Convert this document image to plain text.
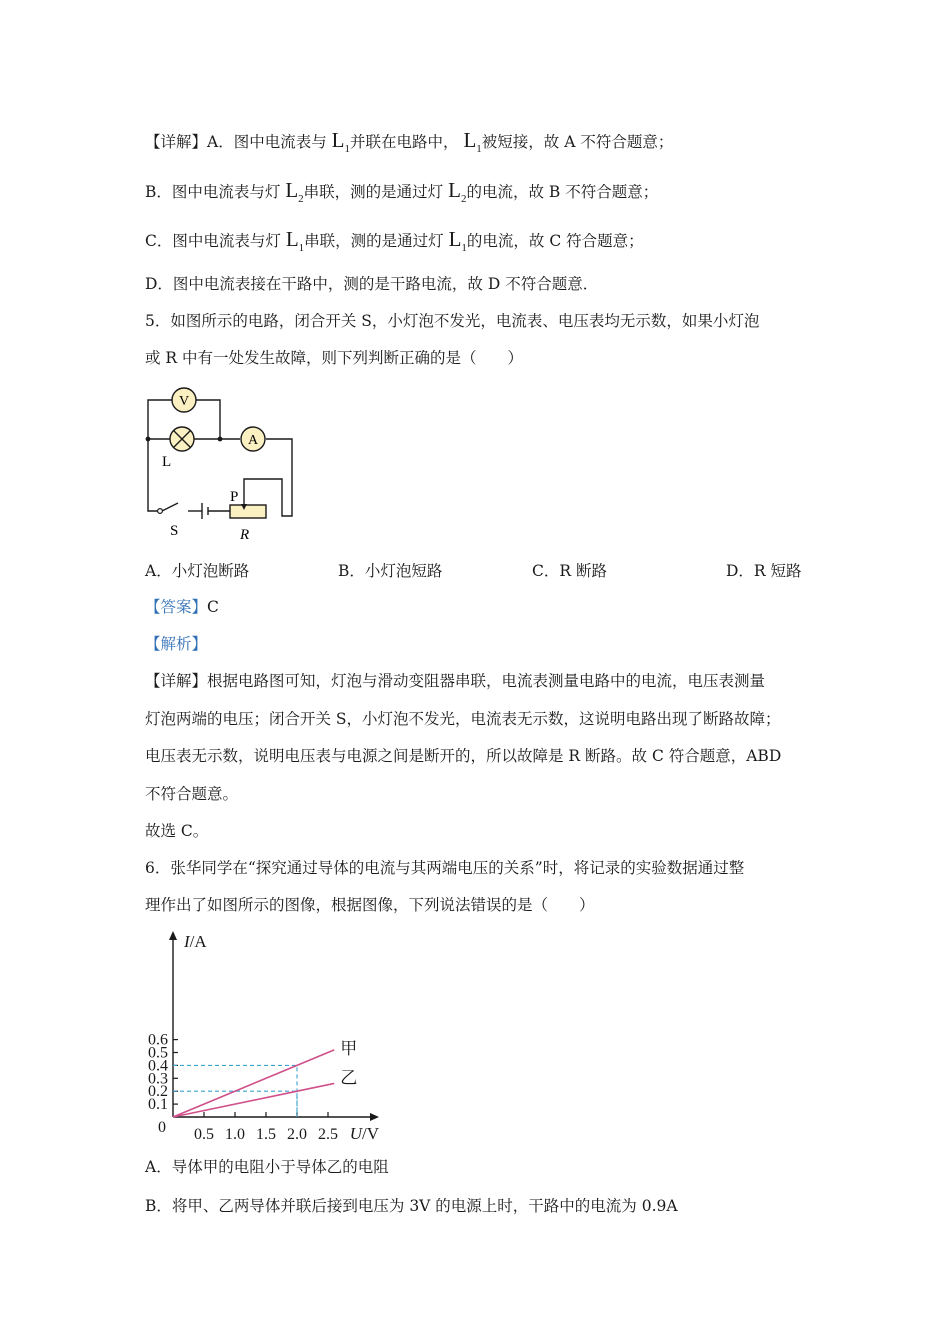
【详解】A．图中电流表与 $L_1$并联在电路中， $L_1$被短接，故 A 不符合题意；
B．图中电流表与灯 $L_2$串联，测的是通过灯 $L_2$的电流，故 B 不符合题意；
C．图中电流表与灯 $L_1$串联，测的是通过灯 $L_1$的电流，故 C 符合题意；
D．图中电流表接在干路中，测的是干路电流，故 D 不符合题意．
5．如图所示的电路，闭合开关 S，小灯泡不发光，电流表、电压表均无示数，如果小灯泡
或 R 中有一处发生故障，则下列判断正确的是（　　）
V
A
L
S
P
R
A．小灯泡断路	B．小灯泡短路	C．R 断路	D．R 短路
【答案】C
【解析】
【详解】根据电路图可知，灯泡与滑动变阻器串联，电流表测量电路中的电流，电压表测量
灯泡两端的电压；闭合开关 S，小灯泡不发光，电流表无示数，这说明电路出现了断路故障；
电压表无示数，说明电压表与电源之间是断开的，所以故障是 R 断路。故 C 符合题意，ABD
不符合题意。
故选 C。
6．张华同学在“探究通过导体的电流与其两端电压的关系”时，将记录的实验数据通过整
理作出了如图所示的图像，根据图像，下列说法错误的是（　　）
0.5 1.0 1.5 2.0 2.5
0.1
0.2
0.3
0.4
0.5
0.6
0
I/A
U/V
甲
乙
A．导体甲的电阻小于导体乙的电阻
B．将甲、乙两导体并联后接到电压为 3V 的电源上时，干路中的电流为 0.9A
